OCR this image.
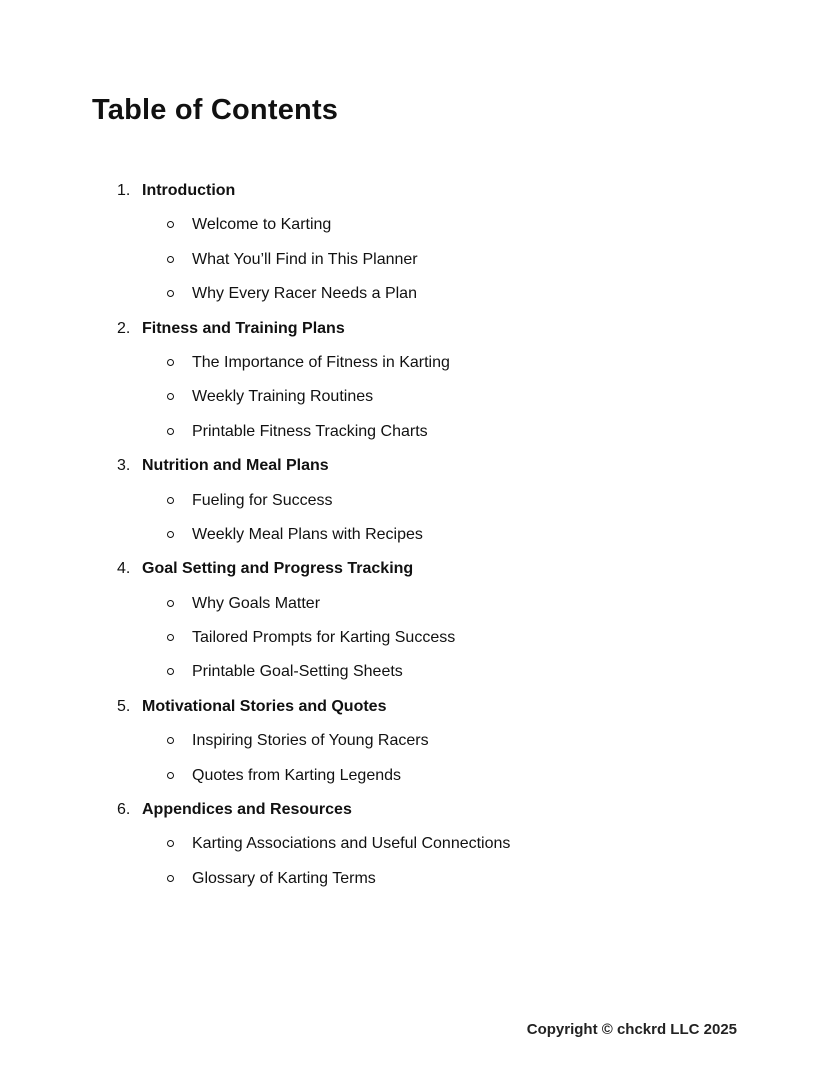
Table of Contents
1. Introduction
Welcome to Karting
What You’ll Find in This Planner
Why Every Racer Needs a Plan
2. Fitness and Training Plans
The Importance of Fitness in Karting
Weekly Training Routines
Printable Fitness Tracking Charts
3. Nutrition and Meal Plans
Fueling for Success
Weekly Meal Plans with Recipes
4. Goal Setting and Progress Tracking
Why Goals Matter
Tailored Prompts for Karting Success
Printable Goal-Setting Sheets
5. Motivational Stories and Quotes
Inspiring Stories of Young Racers
Quotes from Karting Legends
6. Appendices and Resources
Karting Associations and Useful Connections
Glossary of Karting Terms
Copyright © chckrd LLC 2025
